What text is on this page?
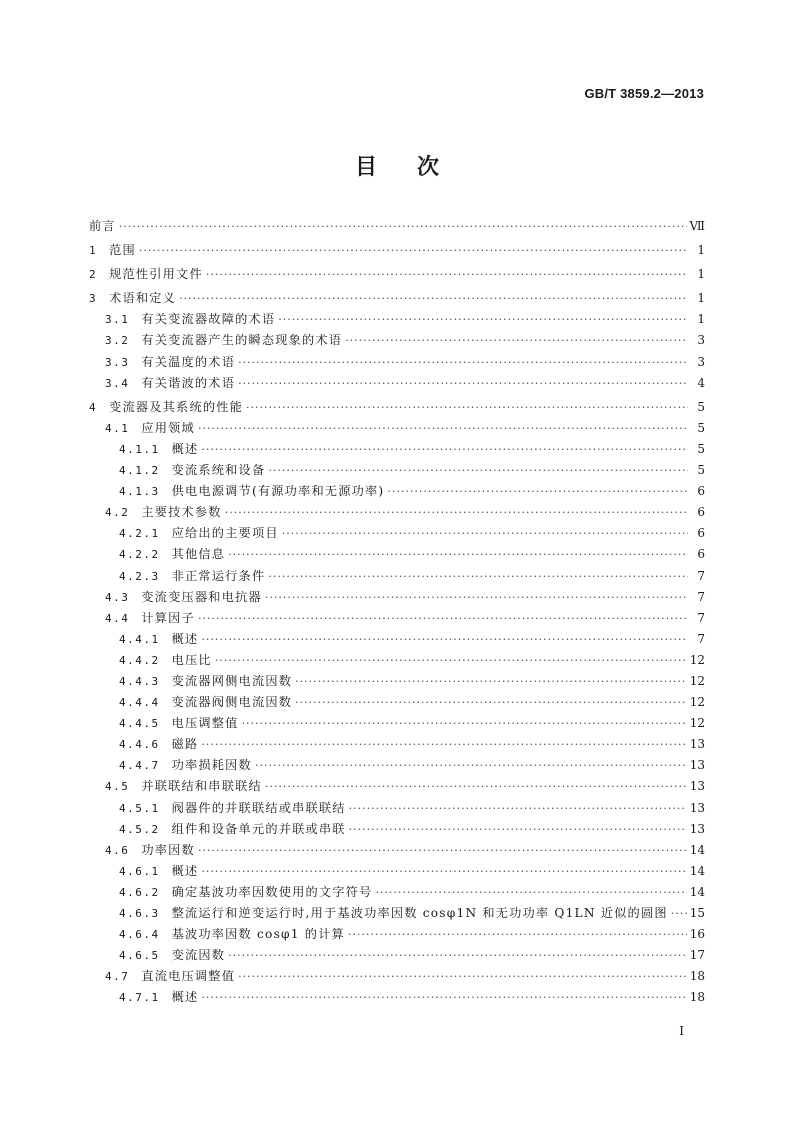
GB/T 3859.2—2013
目次
前言 ·····	Ⅶ
1 范围 ·····	1
2 规范性引用文件 ·····	1
3 术语和定义 ·····	1
3.1 有关变流器故障的术语 ·····	1
3.2 有关变流器产生的瞬态现象的术语 ·····	3
3.3 有关温度的术语 ·····	3
3.4 有关谐波的术语 ·····	4
4 变流器及其系统的性能 ·····	5
4.1 应用领域 ·····	5
4.1.1 概述 ·····	5
4.1.2 变流系统和设备 ·····	5
4.1.3 供电电源调节(有源功率和无源功率) ·····	6
4.2 主要技术参数 ·····	6
4.2.1 应给出的主要项目 ·····	6
4.2.2 其他信息 ·····	6
4.2.3 非正常运行条件 ·····	7
4.3 变流变压器和电抗器 ·····	7
4.4 计算因子 ·····	7
4.4.1 概述 ·····	7
4.4.2 电压比 ·····	12
4.4.3 变流器网侧电流因数 ·····	12
4.4.4 变流器阀侧电流因数 ·····	12
4.4.5 电压调整值 ·····	12
4.4.6 磁路 ·····	13
4.4.7 功率损耗因数 ·····	13
4.5 并联联结和串联联结 ·····	13
4.5.1 阀器件的并联联结或串联联结 ·····	13
4.5.2 组件和设备单元的并联或串联 ·····	13
4.6 功率因数 ·····	14
4.6.1 概述 ·····	14
4.6.2 确定基波功率因数使用的文字符号 ·····	14
4.6.3 整流运行和逆变运行时,用于基波功率因数 cosφ1N 和无功功率 Q1LN 近似的圆图 ····· 15
4.6.4 基波功率因数 cosφ1 的计算 ·····	16
4.6.5 变流因数 ·····	17
4.7 直流电压调整值 ·····	18
4.7.1 概述 ·····	18
I
